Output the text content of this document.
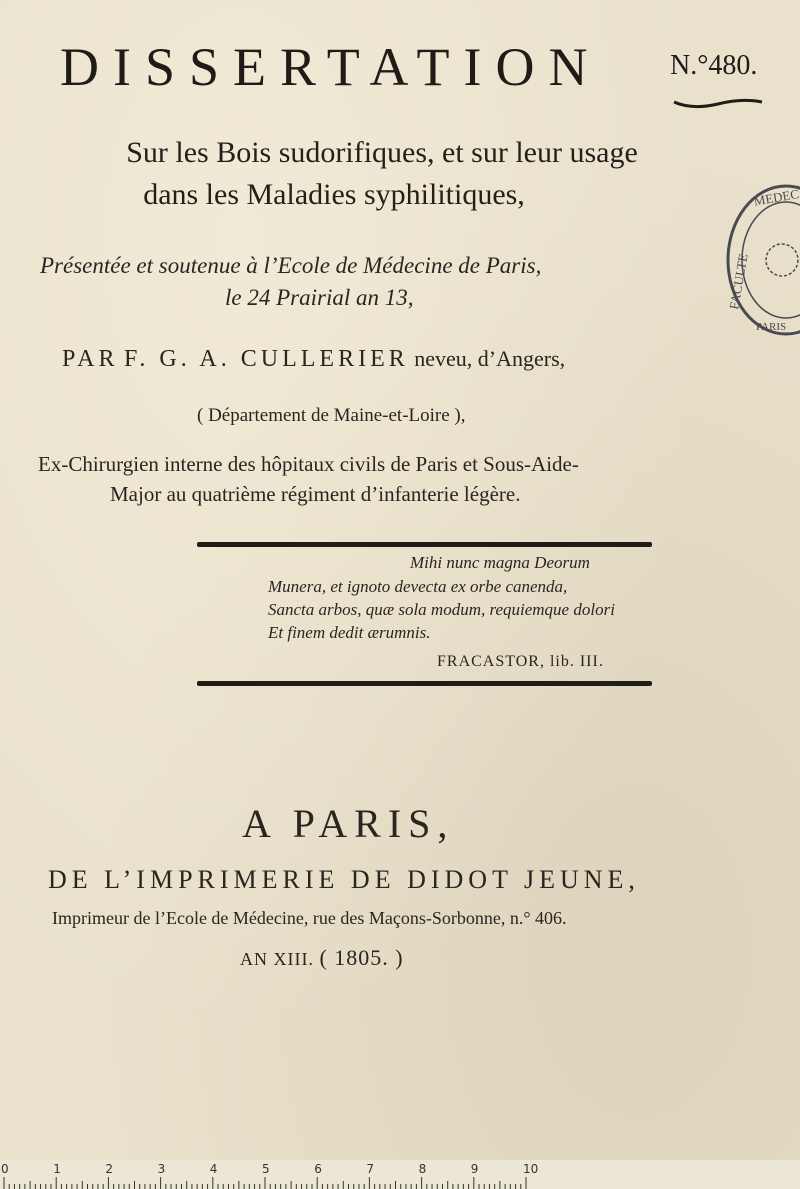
DISSERTATION N.°480.
Sur les Bois sudorifiques, et sur leur usage
dans les Maladies syphilitiques,
Présentée et soutenue à l’Ecole de Médecine de Paris,
le 24 Prairial an 13,
PAR F. G. A. CULLERIER neveu, d’Angers,
( Département de Maine-et-Loire ),
Ex-Chirurgien interne des hôpitaux civils de Paris et Sous-Aide-
Major au quatrième régiment d’infanterie légère.
Mihi nunc magna Deorum
Munera, et ignoto devecta ex orbe canenda,
Sancta arbos, quæ sola modum, requiemque dolori
Et finem dedit ærumnis.
FRACASTOR, lib. III.
A PARIS,
DE L’IMPRIMERIE DE DIDOT JEUNE,
Imprimeur de l’Ecole de Médecine, rue des Maçons-Sorbonne, n.° 406.
AN XIII. ( 1805. )
MEDEC
FACULTE
PARIS
0	1	2	3	4	5	6	7	8	9	10
